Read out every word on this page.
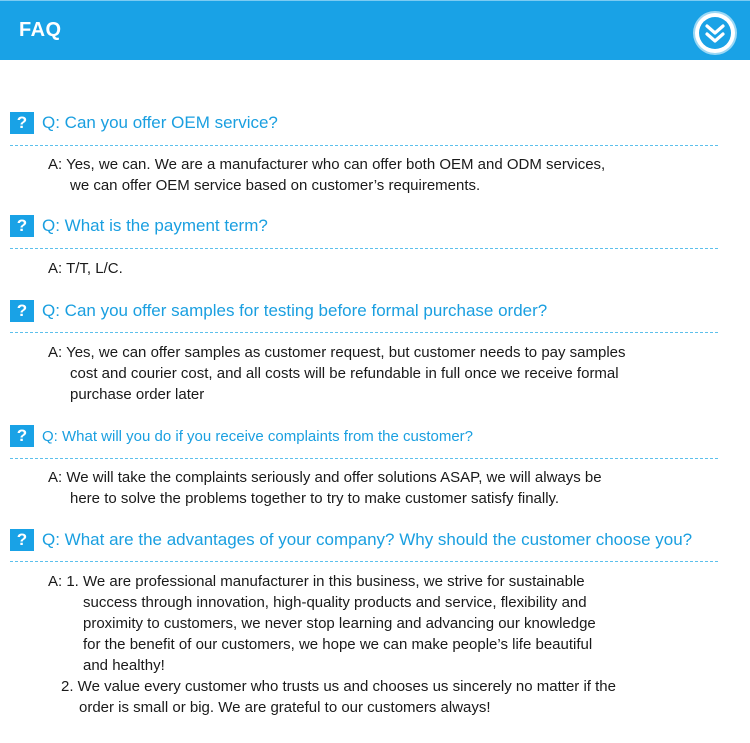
FAQ
? Q: Can you offer OEM service?
A: Yes, we can. We are a manufacturer who can offer both OEM and ODM services,
we can offer OEM service based on customer’s requirements.
? Q: What is the payment term?
A: T/T, L/C.
? Q: Can you offer samples for testing before formal purchase order?
A: Yes, we can offer samples as customer request, but customer needs to pay samples
cost and courier cost, and all costs will be refundable in full once we receive formal
purchase order later
? Q: What will you do if you receive complaints from the customer?
A: We will take the complaints seriously and offer solutions ASAP, we will always be
here to solve the problems together to try to make customer satisfy finally.
? Q: What are the advantages of your company? Why should the customer choose you?
A: 1. We are professional manufacturer in this business, we strive for sustainable
success through innovation, high-quality products and service, flexibility and
proximity to customers, we never stop learning and advancing our knowledge
for the benefit of our customers, we hope we can make people’s life beautiful
and healthy!
2. We value every customer who trusts us and chooses us sincerely no matter if the
order is small or big. We are grateful to our customers always!
